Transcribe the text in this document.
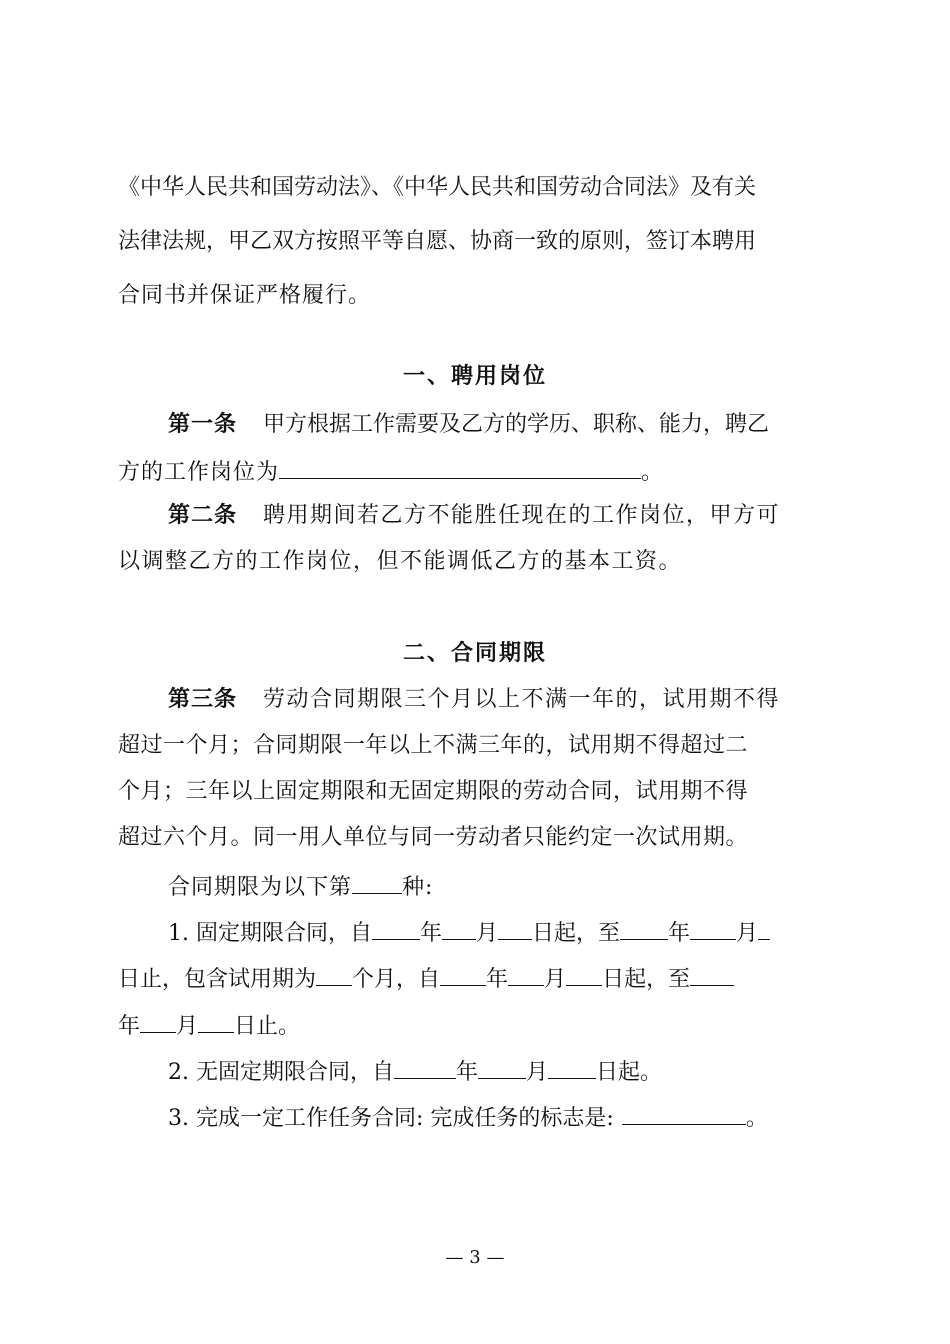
《中华人民共和国劳动法》、《中华人民共和国劳动合同法》及有关
法律法规，甲乙双方按照平等自愿、协商一致的原则，签订本聘用
合同书并保证严格履行。
一、聘用岗位
第一条 甲方根据工作需要及乙方的学历、职称、能力，聘乙
方的工作岗位为	。
第二条 聘用期间若乙方不能胜任现在的工作岗位，甲方可
以调整乙方的工作岗位，但不能调低乙方的基本工资。
二、合同期限
第三条 劳动合同期限三个月以上不满一年的，试用期不得
超过一个月；合同期限一年以上不满三年的，试用期不得超过二
个月；三年以上固定期限和无固定期限的劳动合同，试用期不得
超过六个月。同一用人单位与同一劳动者只能约定一次试用期。
合同期限为以下第 种:
1. 固定期限合同，自 年 月 日起，至 年 月
日止，包含试用期为 个月，自 年 月 日起，至
年 月 日止。
2. 无固定期限合同，自	年 月 日起。
3. 完成一定工作任务合同: 完成任务的标志是:	。
— 3 —
